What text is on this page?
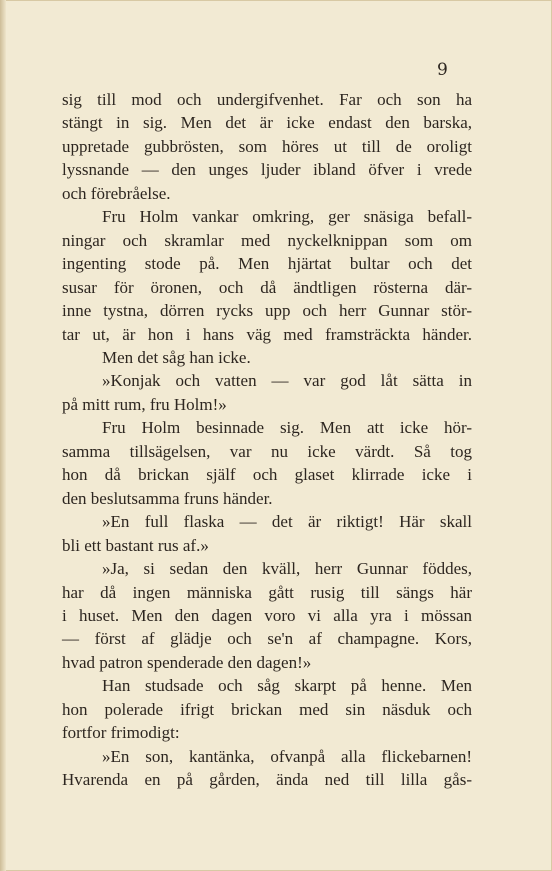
9
sig till mod och undergifvenhet. Far och son ha
stängt in sig. Men det är icke endast den barska,
uppretade gubbrösten, som höres ut till de oroligt
lyssnande — den unges ljuder ibland öfver i vrede
och förebråelse.
Fru Holm vankar omkring, ger snäsiga befall-
ningar och skramlar med nyckelknippan som om
ingenting stode på. Men hjärtat bultar och det
susar för öronen, och då ändtligen rösterna där-
inne tystna, dörren rycks upp och herr Gunnar stör-
tar ut, är hon i hans väg med framsträckta händer.
Men det såg han icke.
»Konjak och vatten — var god låt sätta in
på mitt rum, fru Holm!»
Fru Holm besinnade sig. Men att icke hör-
samma tillsägelsen, var nu icke värdt. Så tog
hon då brickan själf och glaset klirrade icke i
den beslutsamma fruns händer.
»En full flaska — det är riktigt! Här skall
bli ett bastant rus af.»
»Ja, si sedan den kväll, herr Gunnar föddes,
har då ingen människa gått rusig till sängs här
i huset. Men den dagen voro vi alla yra i mössan
— först af glädje och se'n af champagne. Kors,
hvad patron spenderade den dagen!»
Han studsade och såg skarpt på henne. Men
hon polerade ifrigt brickan med sin näsduk och
fortfor frimodigt:
»En son, kantänka, ofvanpå alla flickebarnen!
Hvarenda en på gården, ända ned till lilla gås-
